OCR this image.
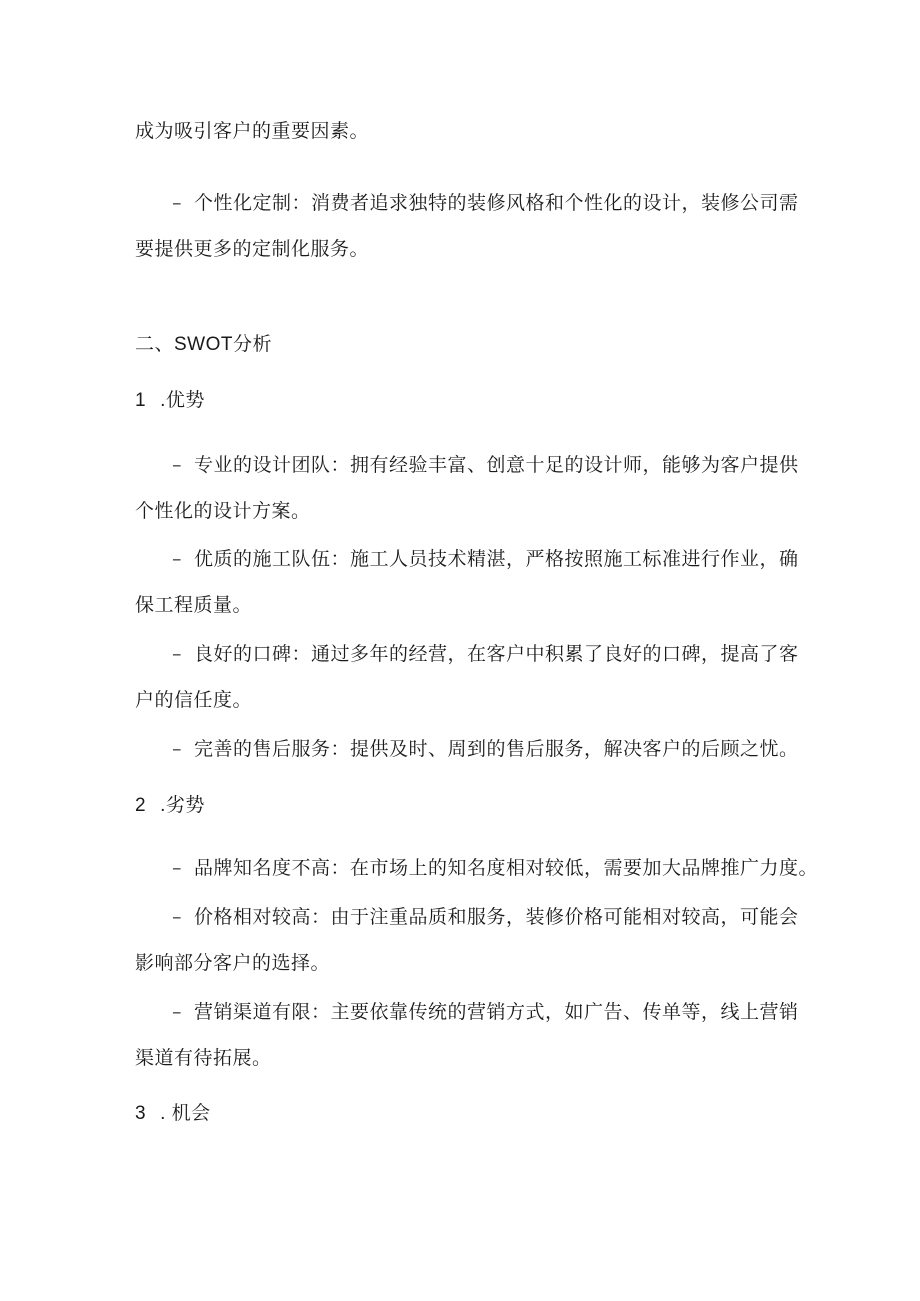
成为吸引客户的重要因素。
– 个性化定制：消费者追求独特的装修风格和个性化的设计，装修公司需
要提供更多的定制化服务。
二、SWOT分析
1 .优势
– 专业的设计团队：拥有经验丰富、创意十足的设计师，能够为客户提供
个性化的设计方案。
– 优质的施工队伍：施工人员技术精湛，严格按照施工标准进行作业，确
保工程质量。
– 良好的口碑：通过多年的经营，在客户中积累了良好的口碑，提高了客
户的信任度。
– 完善的售后服务：提供及时、周到的售后服务，解决客户的后顾之忧。
2 .劣势
– 品牌知名度不高：在市场上的知名度相对较低，需要加大品牌推广力度。
– 价格相对较高：由于注重品质和服务，装修价格可能相对较高，可能会
影响部分客户的选择。
– 营销渠道有限：主要依靠传统的营销方式，如广告、传单等，线上营销
渠道有待拓展。
3 . 机会
